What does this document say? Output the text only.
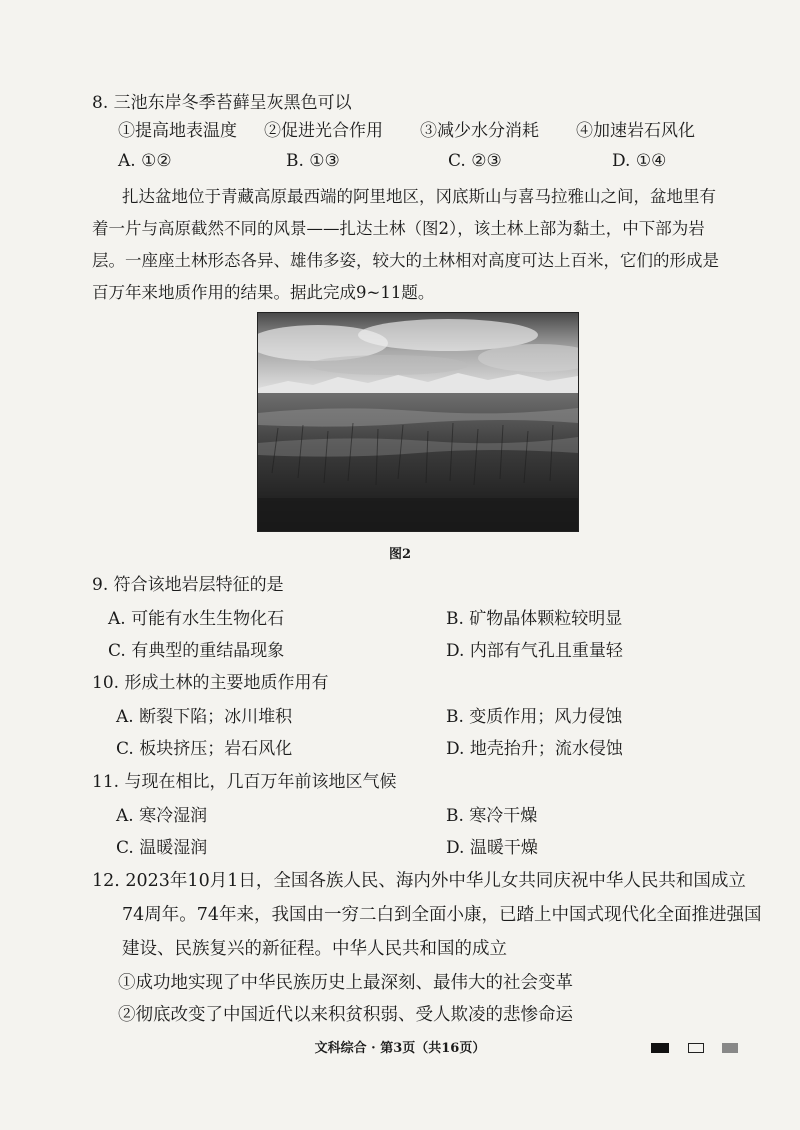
8. 三池东岸冬季苔藓呈灰黑色可以
①提高地表温度 ②促进光合作用 ③减少水分消耗 ④加速岩石风化
A. ①②	B. ①③	C. ②③	D. ①④
扎达盆地位于青藏高原最西端的阿里地区，冈底斯山与喜马拉雅山之间，盆地里有
着一片与高原截然不同的风景——扎达土林（图2），该土林上部为黏土，中下部为岩
层。一座座土林形态各异、雄伟多姿，较大的土林相对高度可达上百米，它们的形成是
百万年来地质作用的结果。据此完成9~11题。
图2
9. 符合该地岩层特征的是
A. 可能有水生生物化石	B. 矿物晶体颗粒较明显
C. 有典型的重结晶现象	D. 内部有气孔且重量轻
10. 形成土林的主要地质作用有
A. 断裂下陷；冰川堆积	B. 变质作用；风力侵蚀
C. 板块挤压；岩石风化	D. 地壳抬升；流水侵蚀
11. 与现在相比，几百万年前该地区气候
A. 寒冷湿润	B. 寒冷干燥
C. 温暖湿润	D. 温暖干燥
12. 2023年10月1日，全国各族人民、海内外中华儿女共同庆祝中华人民共和国成立
74周年。74年来，我国由一穷二白到全面小康，已踏上中国式现代化全面推进强国
建设、民族复兴的新征程。中华人民共和国的成立
①成功地实现了中华民族历史上最深刻、最伟大的社会变革
②彻底改变了中国近代以来积贫积弱、受人欺凌的悲惨命运
文科综合 · 第3页（共16页）
